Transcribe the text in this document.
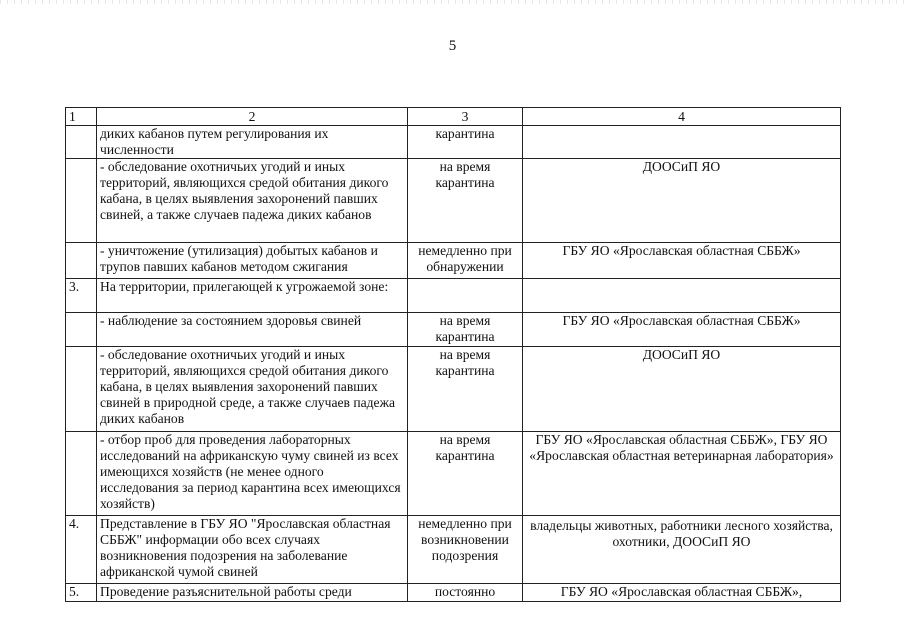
5
1	2	3	4
	диких кабанов путем регулирования их численности	карантина	
	- обследование охотничьих угодий и иных территорий, являющихся средой обитания дикого кабана, в целях выявления захоронений павших свиней, а также случаев падежа диких кабанов	на время карантина	ДООСиП ЯО
	- уничтожение (утилизация) добытых кабанов и трупов павших кабанов методом сжигания	немедленно при обнаружении	ГБУ ЯО «Ярославская областная СББЖ»
3.	На территории, прилегающей к угрожаемой зоне:		
	- наблюдение за состоянием здоровья свиней	на время карантина	ГБУ ЯО «Ярославская областная СББЖ»
	- обследование охотничьих угодий и иных территорий, являющихся средой обитания дикого кабана, в целях выявления захоронений павших свиней в природной среде, а также случаев падежа диких кабанов	на время карантина	ДООСиП ЯО
	- отбор проб для проведения лабораторных исследований на африканскую чуму свиней из всех имеющихся хозяйств (не менее одного исследования за период карантина всех имеющихся хозяйств)	на время карантина	ГБУ ЯО «Ярославская областная СББЖ», ГБУ ЯО «Ярославская областная ветеринарная лаборатория»
4.	Представление в ГБУ ЯО "Ярославская областная СББЖ" информации обо всех случаях возникновения подозрения на заболевание африканской чумой свиней	немедленно при возникновении подозрения	владельцы животных, работники лесного хозяйства, охотники, ДООСиП ЯО
5.	Проведение разъяснительной работы среди	постоянно	ГБУ ЯО «Ярославская областная СББЖ»,
